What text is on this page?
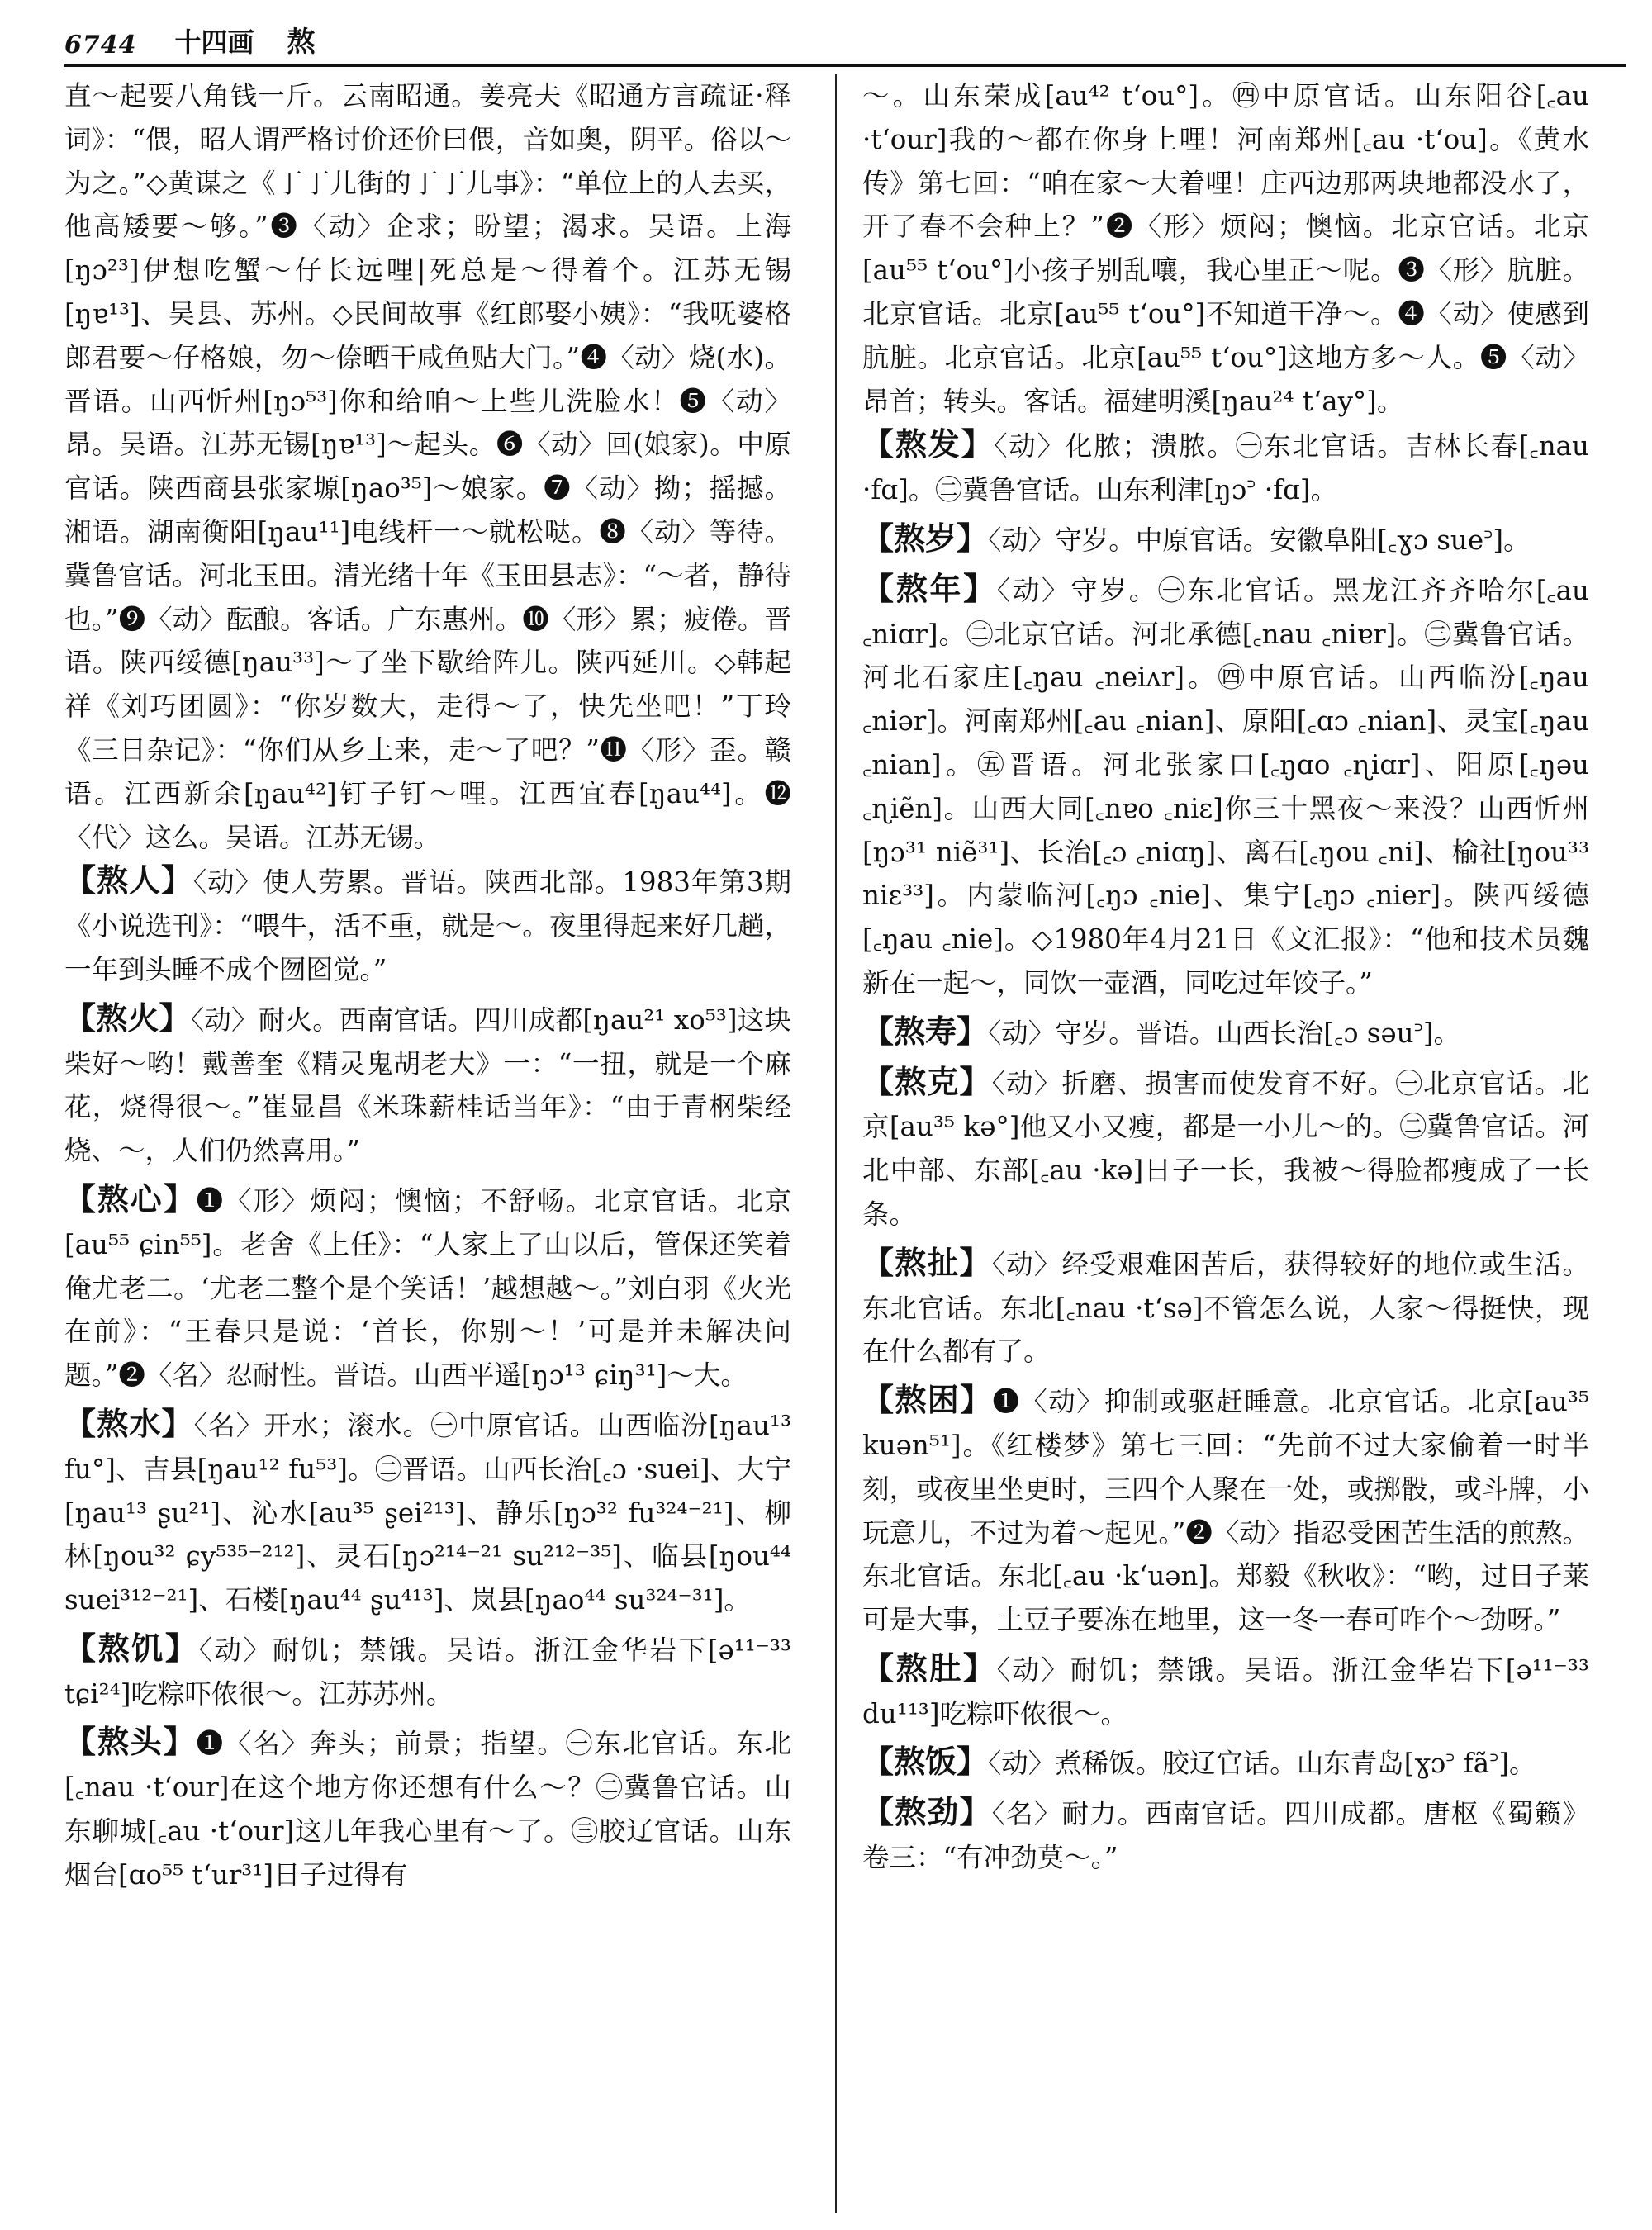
6744 十四画 熬

直～起要八角钱一斤。云南昭通。姜亮夫《昭通方言疏证·释词》：“偎，昭人谓严格讨价还价曰偎，音如奥，阴平。俗以～为之。”◇黄谋之《丁丁儿街的丁丁儿事》：“单位上的人去买，他高矮要～够。”❸〈动〉企求；盼望；渴求。吴语。上海[ŋɔ²³]伊想吃蟹～仔长远哩|死总是～得着个。江苏无锡[ŋɐ¹³]、吴县、苏州。◇民间故事《红郎娶小姨》：“我呒婆格郎君要～仔格娘，勿～倷晒干咸鱼贴大门。”❹〈动〉烧(水)。晋语。山西忻州[ŋɔ⁵³]你和给咱～上些儿洗脸水！❺〈动〉昂。吴语。江苏无锡[ŋɐ¹³]～起头。❻〈动〉回(娘家)。中原官话。陕西商县张家塬[ŋao³⁵]～娘家。❼〈动〉拗；摇撼。湘语。湖南衡阳[ŋau¹¹]电线杆一～就松哒。❽〈动〉等待。冀鲁官话。河北玉田。清光绪十年《玉田县志》：“～者，静待也。”❾〈动〉酝酿。客话。广东惠州。❿〈形〉累；疲倦。晋语。陕西绥德[ŋau³³]～了坐下歇给阵儿。陕西延川。◇韩起祥《刘巧团圆》：“你岁数大，走得～了，快先坐吧！”丁玲《三日杂记》：“你们从乡上来，走～了吧？”⓫〈形〉歪。赣语。江西新余[ŋau⁴²]钉子钉～哩。江西宜春[ŋau⁴⁴]。⓬〈代〉这么。吴语。江苏无锡。

【熬人】〈动〉使人劳累。晋语。陕西北部。1983年第3期《小说选刊》：“喂牛，活不重，就是～。夜里得起来好几趟，一年到头睡不成个囫囵觉。”

【熬火】〈动〉耐火。西南官话。四川成都[ŋau²¹ xo⁵³]这块柴好～哟！戴善奎《精灵鬼胡老大》一：“一扭，就是一个麻花，烧得很～。”崔显昌《米珠薪桂话当年》：“由于青㭎柴经烧、～，人们仍然喜用。”

【熬心】❶〈形〉烦闷；懊恼；不舒畅。北京官话。北京[au⁵⁵ ɕin⁵⁵]。老舍《上任》：“人家上了山以后，管保还笑着俺尤老二。‘尤老二整个是个笑话！’越想越～。”刘白羽《火光在前》：“王春只是说：‘首长，你别～！’可是并未解决问题。”❷〈名〉忍耐性。晋语。山西平遥[ŋɔ¹³ ɕiŋ³¹]～大。

【熬水】〈名〉开水；滚水。㊀中原官话。山西临汾[ŋau¹³ fu°]、吉县[ŋau¹² fu⁵³]。㊁晋语。山西长治[꜀ɔ ·suei]、大宁[ŋau¹³ ʂu²¹]、沁水[au³⁵ ʂei²¹³]、静乐[ŋɔ³² fu³²⁴⁻²¹]、柳林[ŋou³² ɕy⁵³⁵⁻²¹²]、灵石[ŋɔ²¹⁴⁻²¹ su²¹²⁻³⁵]、临县[ŋou⁴⁴ suei³¹²⁻²¹]、石楼[ŋau⁴⁴ ʂu⁴¹³]、岚县[ŋao⁴⁴ su³²⁴⁻³¹]。

【熬饥】〈动〉耐饥；禁饿。吴语。浙江金华岩下[ə¹¹⁻³³ tɕi²⁴]吃粽吓侬很～。江苏苏州。

【熬头】❶〈名〉奔头；前景；指望。㊀东北官话。东北[꜀nau ·t‘our]在这个地方你还想有什么～？㊁冀鲁官话。山东聊城[꜀au ·t‘our]这几年我心里有～了。㊂胶辽官话。山东烟台[ɑo⁵⁵ t‘ur³¹]日子过得有

～。山东荣成[au⁴² t‘ou°]。㊃中原官话。山东阳谷[꜀au ·t‘our]我的～都在你身上哩！河南郑州[꜀au ·t‘ou]。《黄水传》第七回：“咱在家～大着哩！庄西边那两块地都没水了，开了春不会种上？”❷〈形〉烦闷；懊恼。北京官话。北京[au⁵⁵ t‘ou°]小孩子别乱嚷，我心里正～呢。❸〈形〉肮脏。北京官话。北京[au⁵⁵ t‘ou°]不知道干净～。❹〈动〉使感到肮脏。北京官话。北京[au⁵⁵ t‘ou°]这地方多～人。❺〈动〉昂首；转头。客话。福建明溪[ŋau²⁴ t‘ay°]。

【熬发】〈动〉化脓；溃脓。㊀东北官话。吉林长春[꜀nau ·fɑ]。㊁冀鲁官话。山东利津[ŋɔ꜄ ·fɑ]。

【熬岁】〈动〉守岁。中原官话。安徽阜阳[꜀ɣɔ sue꜄]。

【熬年】〈动〉守岁。㊀东北官话。黑龙江齐齐哈尔[꜀au ꜀niɑr]。㊁北京官话。河北承德[꜀nau ꜀niɐr]。㊂冀鲁官话。河北石家庄[꜀ŋau ꜀neiʌr]。㊃中原官话。山西临汾[꜀ŋau ꜀niər]。河南郑州[꜀au ꜀nian]、原阳[꜀ɑɔ ꜀nian]、灵宝[꜀ŋau ꜀nian]。㊄晋语。河北张家口[꜀ŋɑo ꜀ɳiɑr]、阳原[꜀ŋəu ꜀ɳiẽn]。山西大同[꜀nɐo ꜀niɛ]你三十黑夜～来没？山西忻州[ŋɔ³¹ niẽ³¹]、长治[꜀ɔ ꜀niɑŋ]、离石[꜀ŋou ꜀ni]、榆社[ŋou³³ niɛ³³]。内蒙临河[꜀ŋɔ ꜀nie]、集宁[꜀ŋɔ ꜀nier]。陕西绥德[꜀ŋau ꜀nie]。◇1980年4月21日《文汇报》：“他和技术员魏新在一起～，同饮一壶酒，同吃过年饺子。”

【熬寿】〈动〉守岁。晋语。山西长治[꜀ɔ səu꜄]。

【熬克】〈动〉折磨、损害而使发育不好。㊀北京官话。北京[au³⁵ kə°]他又小又瘦，都是一小儿～的。㊁冀鲁官话。河北中部、东部[꜀au ·kə]日子一长，我被～得脸都瘦成了一长条。

【熬扯】〈动〉经受艰难困苦后，获得较好的地位或生活。东北官话。东北[꜀nau ·t‘sə]不管怎么说，人家～得挺快，现在什么都有了。

【熬困】❶〈动〉抑制或驱赶睡意。北京官话。北京[au³⁵ kuən⁵¹]。《红楼梦》第七三回：“先前不过大家偷着一时半刻，或夜里坐更时，三四个人聚在一处，或掷骰，或斗牌，小玩意儿，不过为着～起见。”❷〈动〉指忍受困苦生活的煎熬。东北官话。东北[꜀au ·k‘uən]。郑毅《秋收》：“哟，过日子莱可是大事，土豆子要冻在地里，这一冬一春可咋个～劲呀。”

【熬肚】〈动〉耐饥；禁饿。吴语。浙江金华岩下[ə¹¹⁻³³ du¹¹³]吃粽吓侬很～。

【熬饭】〈动〉煮稀饭。胶辽官话。山东青岛[ɣɔ꜄ fã꜄]。

【熬劲】〈名〉耐力。西南官话。四川成都。唐枢《蜀籁》卷三：“有冲劲莫～。”
